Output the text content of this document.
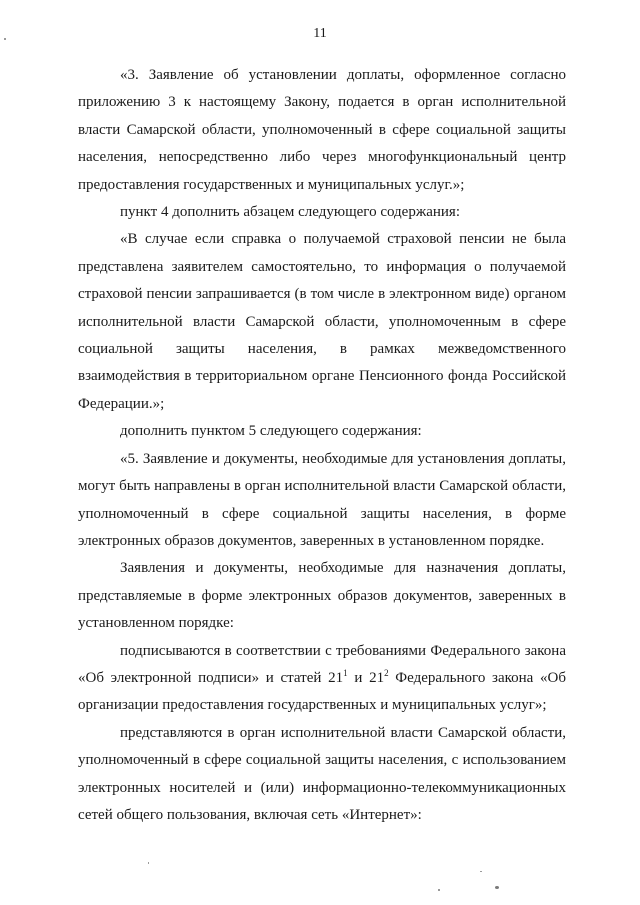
11

«3. Заявление об установлении доплаты, оформленное согласно приложению 3 к настоящему Закону, подается в орган исполнительной власти Самарской области, уполномоченный в сфере социальной защиты населения, непосредственно либо через многофункциональный центр предоставления государственных и муниципальных услуг.»;

пункт 4 дополнить абзацем следующего содержания:

«В случае если справка о получаемой страховой пенсии не была представлена заявителем самостоятельно, то информация о получаемой страховой пенсии запрашивается (в том числе в электронном виде) органом исполнительной власти Самарской области, уполномоченным в сфере социальной защиты населения, в рамках межведомственного взаимодействия в территориальном органе Пенсионного фонда Российской Федерации.»;

дополнить пунктом 5 следующего содержания:

«5. Заявление и документы, необходимые для установления доплаты, могут быть направлены в орган исполнительной власти Самарской области, уполномоченный в сфере социальной защиты населения, в форме электронных образов документов, заверенных в установленном порядке.

Заявления и документы, необходимые для назначения доплаты, представляемые в форме электронных образов документов, заверенных в установленном порядке:

подписываются в соответствии с требованиями Федерального закона «Об электронной подписи» и статей $21^1$ и $21^2$ Федерального закона «Об организации предоставления государственных и муниципальных услуг»;

представляются в орган исполнительной власти Самарской области, уполномоченный в сфере социальной защиты населения, с использованием электронных носителей и (или) информационно-телекоммуникационных сетей общего пользования, включая сеть «Интернет»:
